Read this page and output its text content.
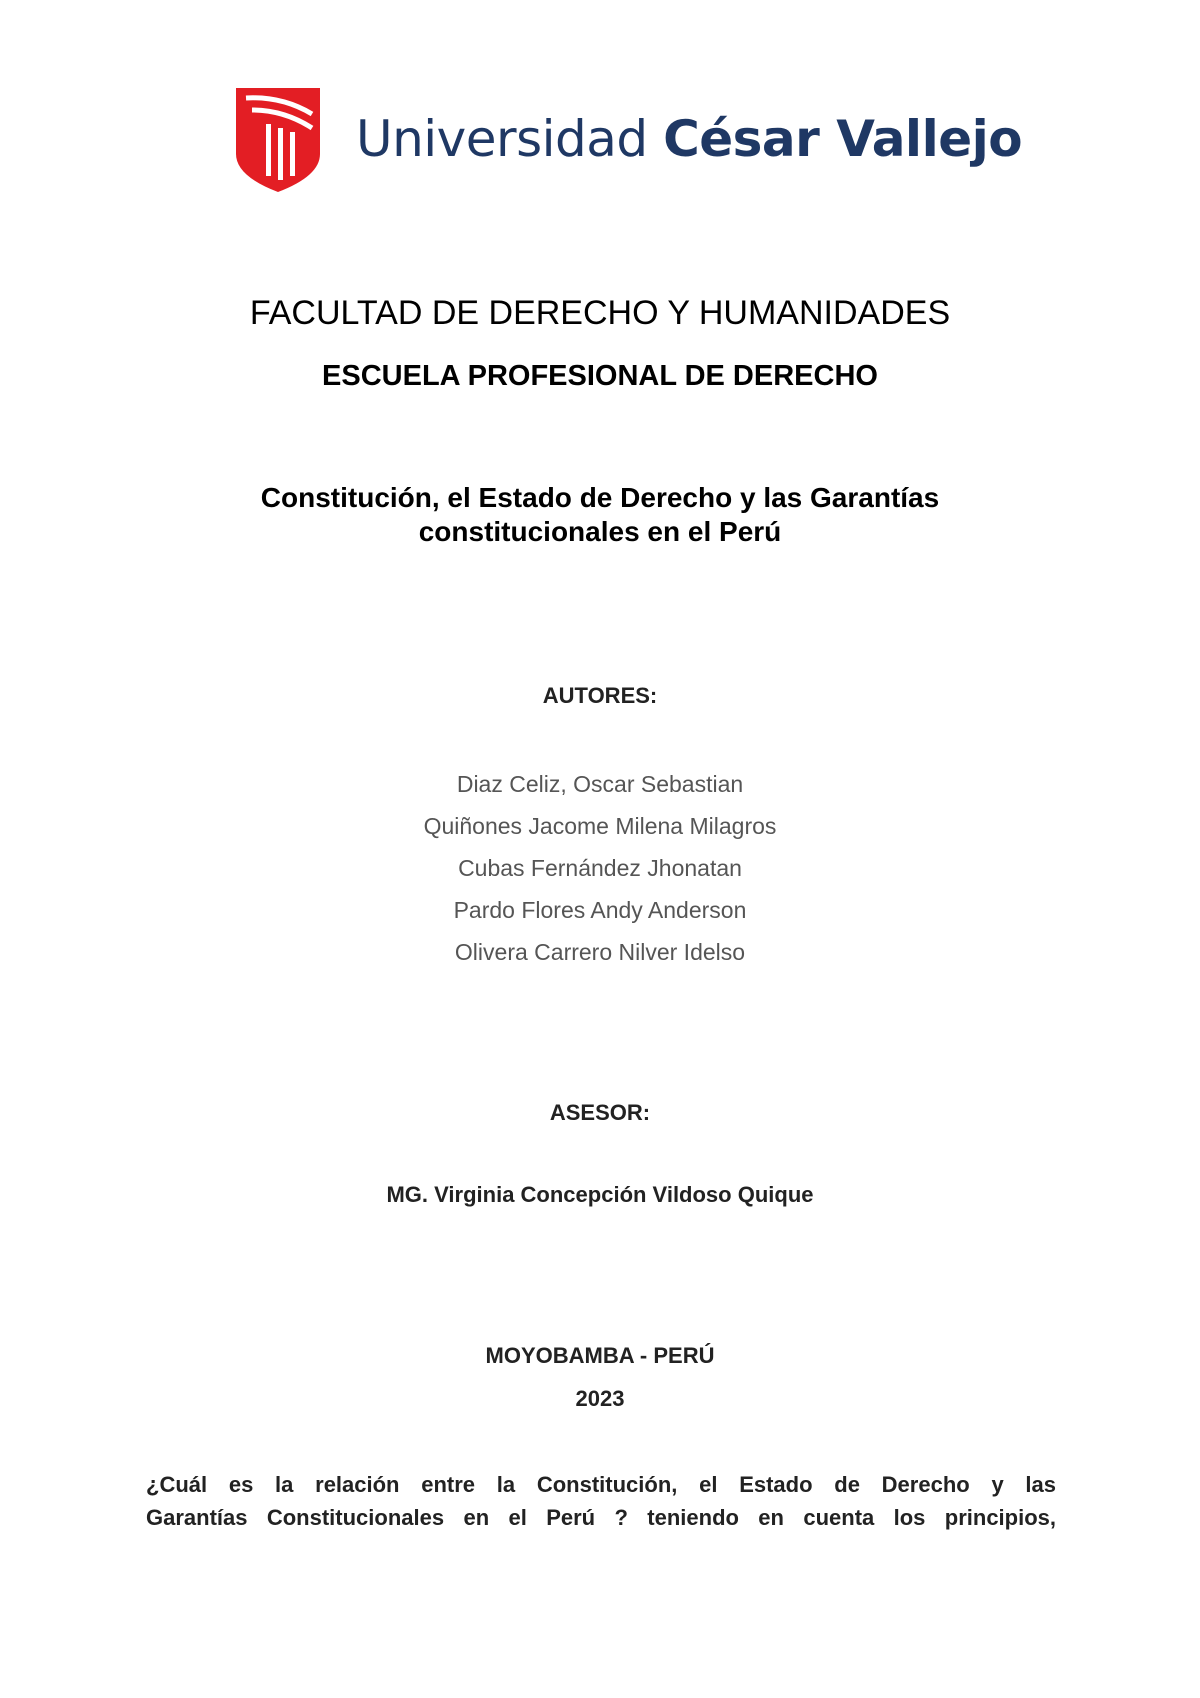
Universidad César Vallejo
FACULTAD DE DERECHO Y HUMANIDADES
ESCUELA PROFESIONAL DE DERECHO
Constitución, el Estado de Derecho y las Garantías
constitucionales en el Perú
AUTORES:
Diaz Celiz, Oscar Sebastian
Quiñones Jacome Milena Milagros
Cubas Fernández Jhonatan
Pardo Flores Andy Anderson
Olivera Carrero Nilver Idelso
ASESOR:
MG. Virginia Concepción Vildoso Quique
MOYOBAMBA - PERÚ
2023
¿Cuál es la relación entre la Constitución, el Estado de Derecho y las
Garantías Constitucionales en el Perú ? teniendo en cuenta los principios,
